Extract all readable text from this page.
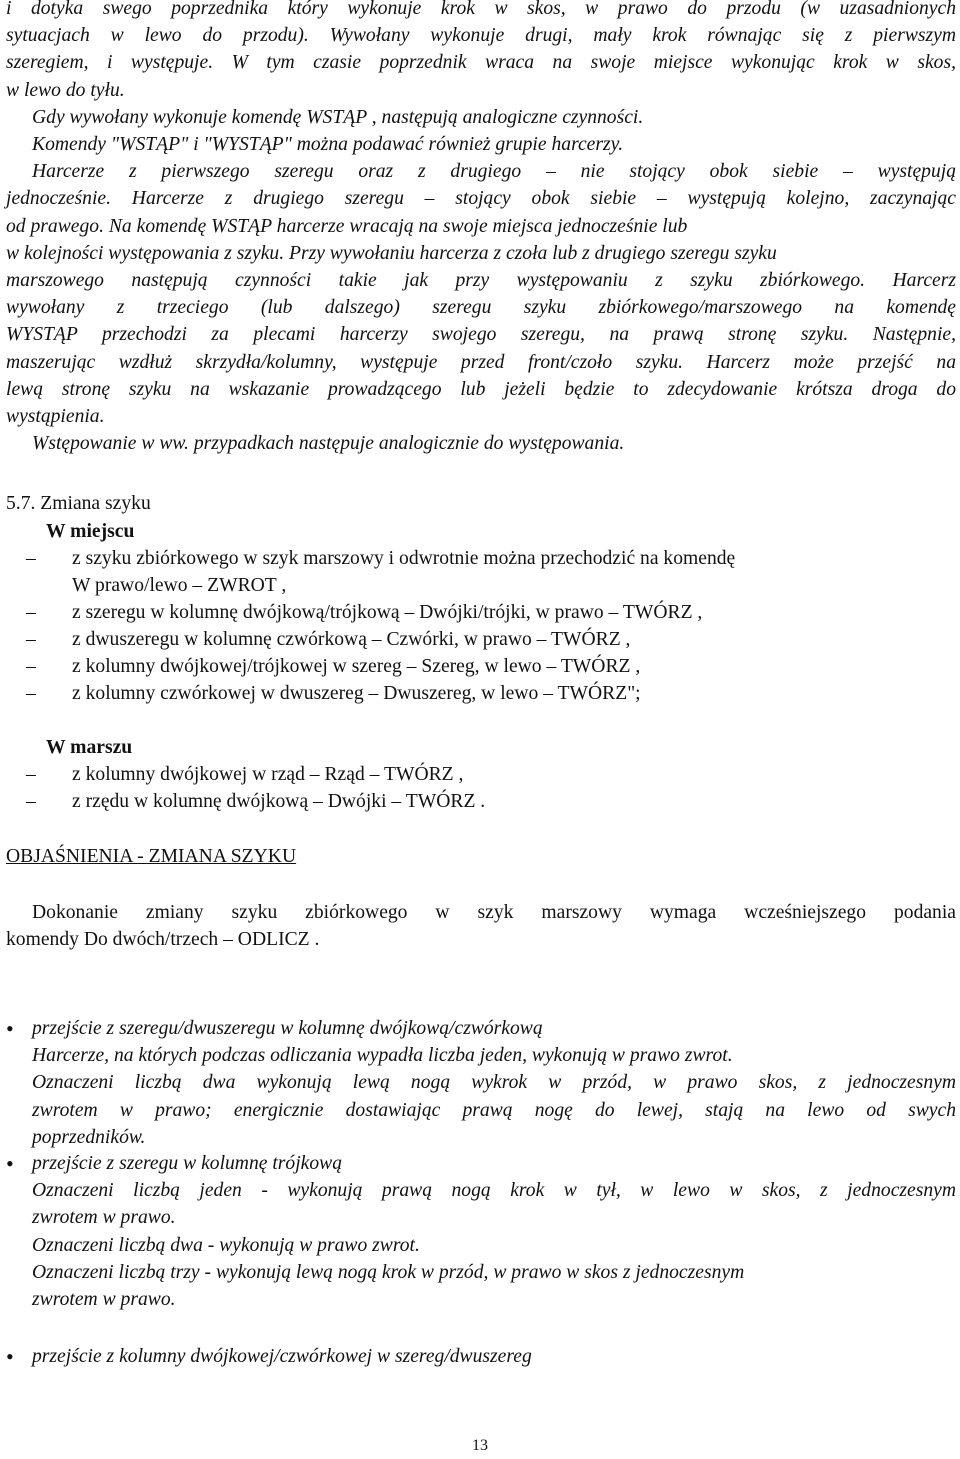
i dotyka swego poprzednika który wykonuje krok w skos, w prawo do przodu (w uzasadnionych
sytuacjach w lewo do przodu). Wywołany wykonuje drugi, mały krok równając się z pierwszym
szeregiem, i występuje. W tym czasie poprzednik wraca na swoje miejsce wykonując krok w skos,
w lewo do tyłu.
Gdy wywołany wykonuje komendę WSTĄP , następują analogiczne czynności.
Komendy "WSTĄP" i "WYSTĄP" można podawać również grupie harcerzy.
Harcerze z pierwszego szeregu oraz z drugiego – nie stojący obok siebie – występują
jednocześnie. Harcerze z drugiego szeregu – stojący obok siebie – występują kolejno, zaczynając
od prawego. Na komendę WSTĄP harcerze wracają na swoje miejsca jednocześnie lub
w kolejności występowania z szyku. Przy wywołaniu harcerza z czoła lub z drugiego szeregu szyku
marszowego następują czynności takie jak przy występowaniu z szyku zbiórkowego. Harcerz
wywołany z trzeciego (lub dalszego) szeregu szyku zbiórkowego/marszowego na komendę
WYSTĄP przechodzi za plecami harcerzy swojego szeregu, na prawą stronę szyku. Następnie,
maszerując wzdłuż skrzydła/kolumny, występuje przed front/czoło szyku. Harcerz może przejść na
lewą stronę szyku na wskazanie prowadzącego lub jeżeli będzie to zdecydowanie krótsza droga do
wystąpienia.
Wstępowanie w ww. przypadkach następuje analogicznie do występowania.
5.7. Zmiana szyku
W miejscu
– z szyku zbiórkowego w szyk marszowy i odwrotnie można przechodzić na komendę
W prawo/lewo – ZWROT ,
– z szeregu w kolumnę dwójkową/trójkową – Dwójki/trójki, w prawo – TWÓRZ ,
– z dwuszeregu w kolumnę czwórkową – Czwórki, w prawo – TWÓRZ ,
– z kolumny dwójkowej/trójkowej w szereg – Szereg, w lewo – TWÓRZ ,
– z kolumny czwórkowej w dwuszereg – Dwuszereg, w lewo – TWÓRZ";
W marszu
– z kolumny dwójkowej w rząd – Rząd – TWÓRZ ,
– z rzędu w kolumnę dwójkową – Dwójki – TWÓRZ .
OBJAŚNIENIA - ZMIANA SZYKU
Dokonanie zmiany szyku zbiórkowego w szyk marszowy wymaga wcześniejszego podania
komendy Do dwóch/trzech – ODLICZ .
• przejście z szeregu/dwuszeregu w kolumnę dwójkową/czwórkową
Harcerze, na których podczas odliczania wypadła liczba jeden, wykonują w prawo zwrot.
Oznaczeni liczbą dwa wykonują lewą nogą wykrok w przód, w prawo skos, z jednoczesnym
zwrotem w prawo; energicznie dostawiając prawą nogę do lewej, stają na lewo od swych
poprzedników.
• przejście z szeregu w kolumnę trójkową
Oznaczeni liczbą jeden - wykonują prawą nogą krok w tył, w lewo w skos, z jednoczesnym
zwrotem w prawo.
Oznaczeni liczbą dwa - wykonują w prawo zwrot.
Oznaczeni liczbą trzy - wykonują lewą nogą krok w przód, w prawo w skos z jednoczesnym
zwrotem w prawo.
• przejście z kolumny dwójkowej/czwórkowej w szereg/dwuszereg
13
